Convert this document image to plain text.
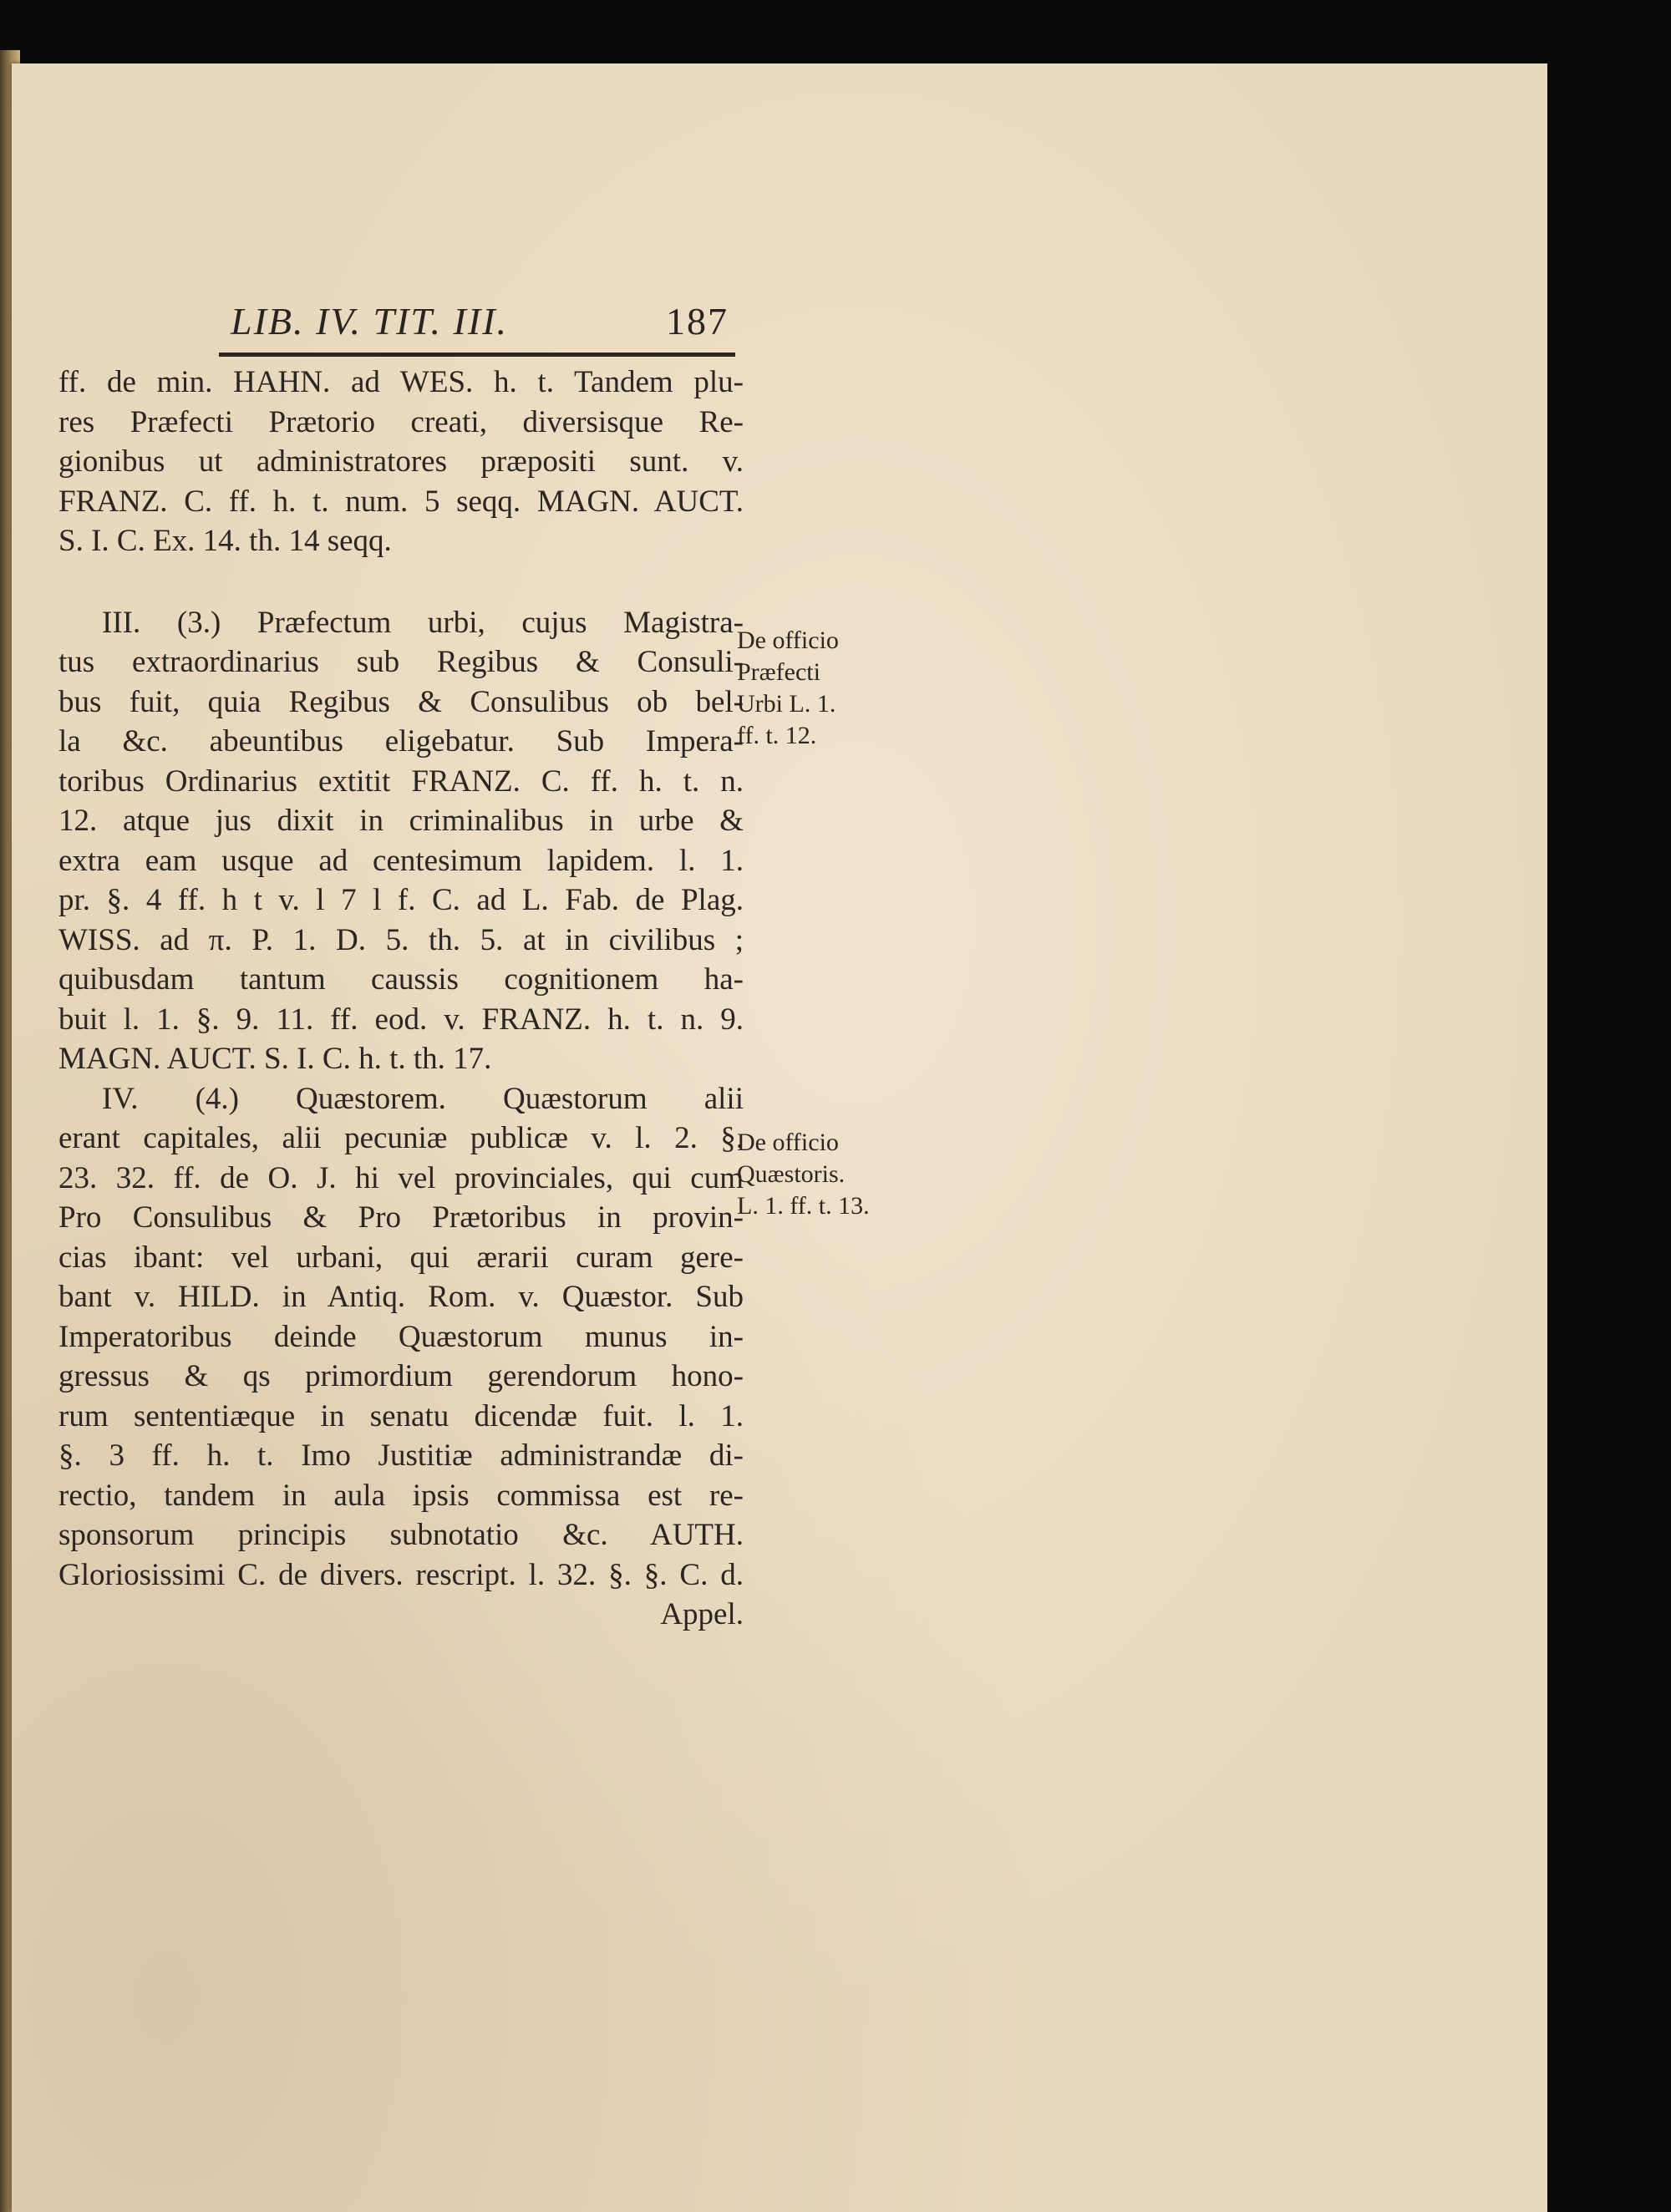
LIB. IV. TIT. III.	187
ff. de min. HAHN. ad WES. h. t. Tandem plu-
res Præfecti Prætorio creati, diversisque Re-
gionibus ut administratores præpositi sunt. v.
FRANZ. C. ff. h. t. num. 5 seqq. MAGN. AUCT.
S. I. C. Ex. 14. th. 14 seqq.
III. (3.) Præfectum urbi, cujus Magistra-
tus extraordinarius sub Regibus & Consuli-
bus fuit, quia Regibus & Consulibus ob bel-
la &c. abeuntibus eligebatur. Sub Impera-
toribus Ordinarius extitit FRANZ. C. ff. h. t. n.
12. atque jus dixit in criminalibus in urbe &
extra eam usque ad centesimum lapidem. l. 1.
pr. §. 4 ff. h t v. l 7 l f. C. ad L. Fab. de Plag.
WISS. ad π. P. 1. D. 5. th. 5. at in civilibus ;
quibusdam tantum caussis cognitionem ha-
buit l. 1. §. 9. 11. ff. eod. v. FRANZ. h. t. n. 9.
MAGN. AUCT. S. I. C. h. t. th. 17.
IV. (4.) Quæstorem. Quæstorum alii
erant capitales, alii pecuniæ publicæ v. l. 2. §.
23. 32. ff. de O. J. hi vel provinciales, qui cum
Pro Consulibus & Pro Prætoribus in provin-
cias ibant: vel urbani, qui ærarii curam gere-
bant v. HILD. in Antiq. Rom. v. Quæstor. Sub
Imperatoribus deinde Quæstorum munus in-
gressus & qs primordium gerendorum hono-
rum sententiæque in senatu dicendæ fuit. l. 1.
§. 3 ff. h. t. Imo Justitiæ administrandæ di-
rectio, tandem in aula ipsis commissa est re-
sponsorum principis subnotatio &c. AUTH.
Gloriosissimi C. de divers. rescript. l. 32. §. §. C. d.
Appel.
De officio
Præfecti
Urbi L. 1.
ff. t. 12.
De officio
Quæstoris.
L. 1. ff. t. 13.
